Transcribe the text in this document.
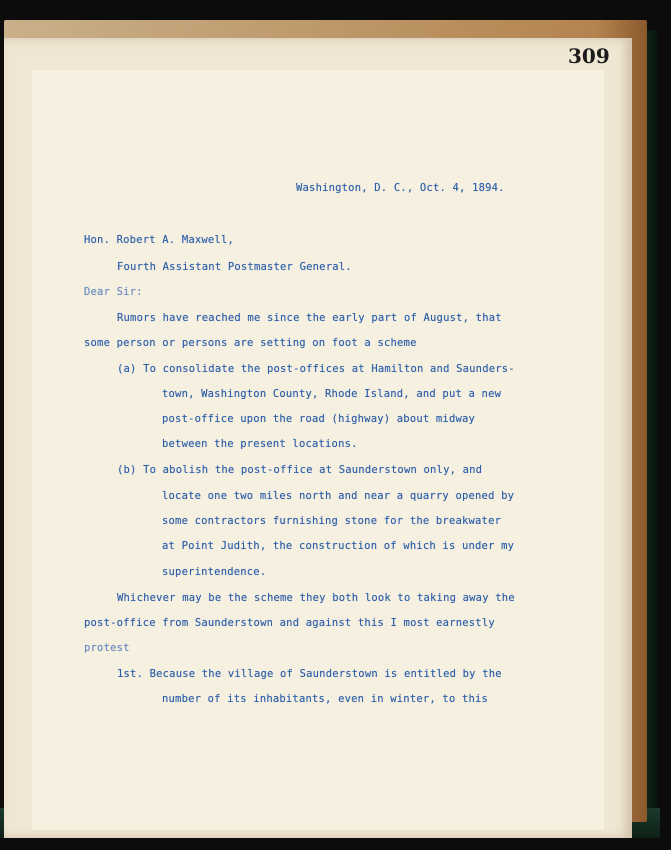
309
Washington, D. C., Oct. 4, 1894.
Hon. Robert A. Maxwell,
Fourth Assistant Postmaster General.
Dear Sir:
Rumors have reached me since the early part of August, that
some person or persons are setting on foot a scheme
(a) To consolidate the post-offices at Hamilton and Saunders-
town, Washington County, Rhode Island, and put a new
post-office upon the road (highway) about midway
between the present locations.
(b) To abolish the post-office at Saunderstown only, and
locate one two miles north and near a quarry opened by
some contractors furnishing stone for the breakwater
at Point Judith, the construction of which is under my
superintendence.
Whichever may be the scheme they both look to taking away the
post-office from Saunderstown and against this I most earnestly
protest
1st. Because the village of Saunderstown is entitled by the
number of its inhabitants, even in winter, to this
